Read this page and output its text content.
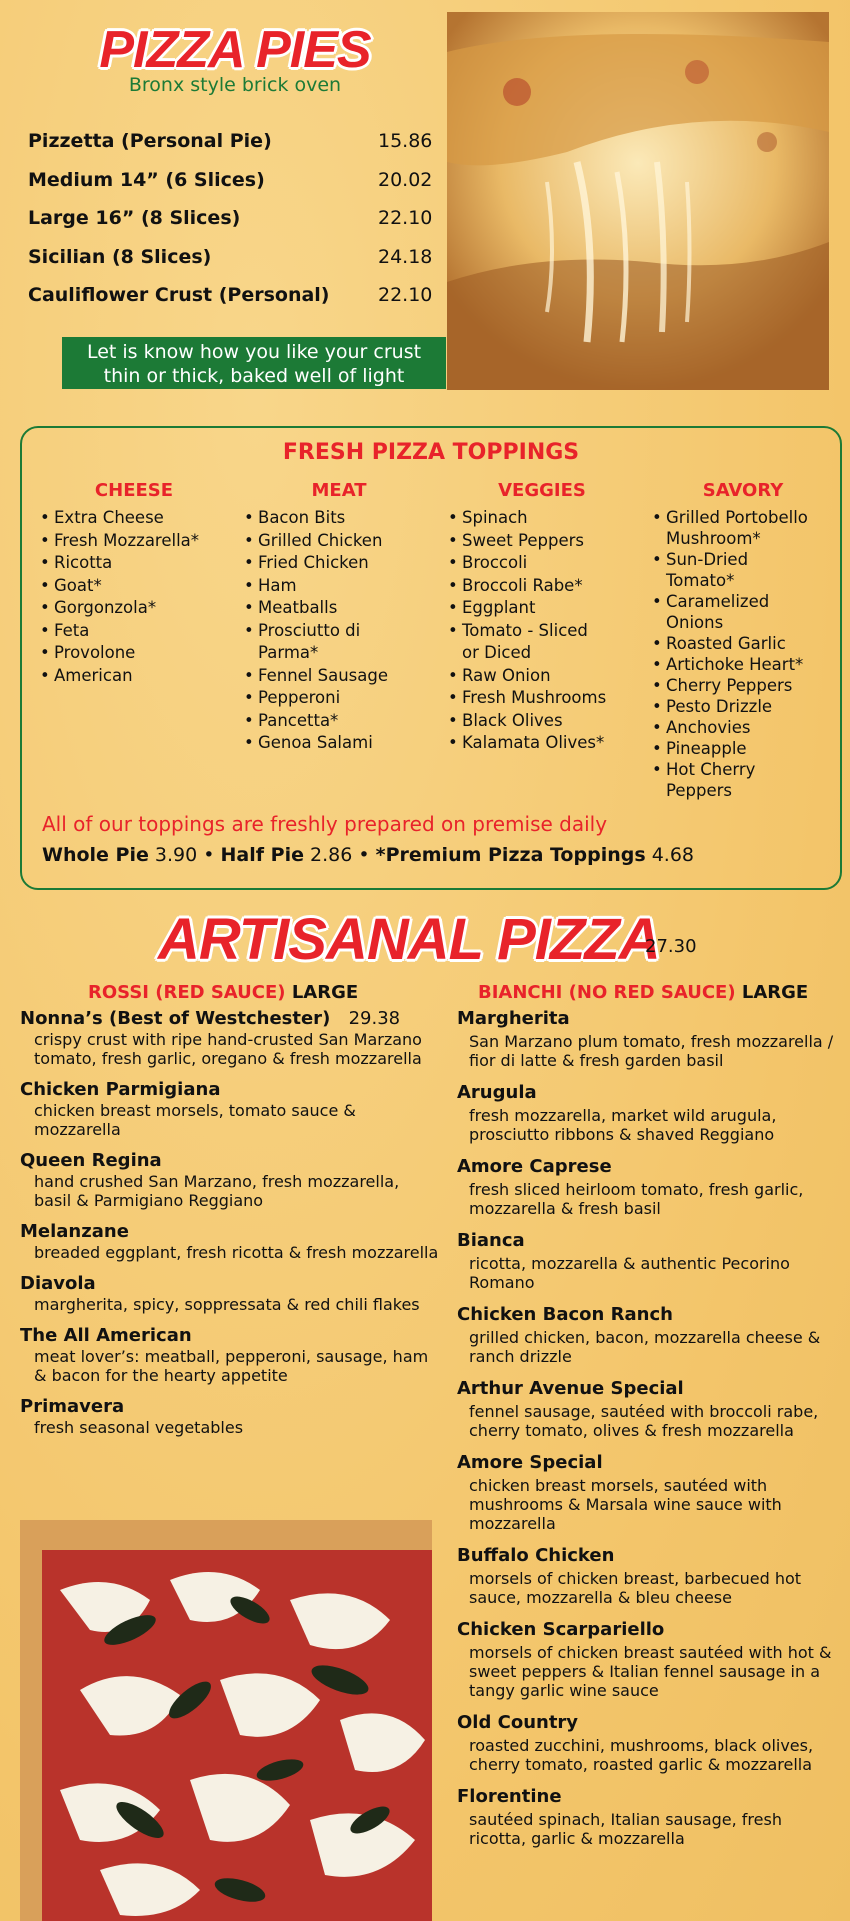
PIZZA PIES
Bronx style brick oven
Pizzetta (Personal Pie)	15.86
Medium 14” (6 Slices)	20.02
Large 16” (8 Slices)	22.10
Sicilian (8 Slices)	24.18
Cauliflower Crust (Personal)	22.10
Let is know how you like your crust
thin or thick, baked well of light
FRESH PIZZA TOPPINGS
CHEESE
• Extra Cheese
• Fresh Mozzarella*
• Ricotta
• Goat*
• Gorgonzola*
• Feta
• Provolone
• American
MEAT
• Bacon Bits
• Grilled Chicken
• Fried Chicken
• Ham
• Meatballs
• Prosciutto di Parma*
• Fennel Sausage
• Pepperoni
• Pancetta*
• Genoa Salami
VEGGIES
• Spinach
• Sweet Peppers
• Broccoli
• Broccoli Rabe*
• Eggplant
• Tomato - Sliced or Diced
• Raw Onion
• Fresh Mushrooms
• Black Olives
• Kalamata Olives*
SAVORY
• Grilled Portobello Mushroom*
• Sun-Dried Tomato*
• Caramelized Onions
• Roasted Garlic
• Artichoke Heart*
• Cherry Peppers
• Pesto Drizzle
• Anchovies
• Pineapple
• Hot Cherry Peppers
All of our toppings are freshly prepared on premise daily
Whole Pie 3.90 • Half Pie 2.86 • *Premium Pizza Toppings 4.68
ARTISANAL PIZZA
27.30
ROSSI (RED SAUCE) LARGE	BIANCHI (NO RED SAUCE) LARGE
Nonna’s (Best of Westchester) 29.38
crispy crust with ripe hand-crusted San Marzano tomato, fresh garlic, oregano & fresh mozzarella
Chicken Parmigiana
chicken breast morsels, tomato sauce & mozzarella
Queen Regina
hand crushed San Marzano, fresh mozzarella, basil & Parmigiano Reggiano
Melanzane
breaded eggplant, fresh ricotta & fresh mozzarella
Diavola
margherita, spicy, soppressata & red chili flakes
The All American
meat lover’s: meatball, pepperoni, sausage, ham & bacon for the hearty appetite
Primavera
fresh seasonal vegetables
Margherita
San Marzano plum tomato, fresh mozzarella / fior di latte & fresh garden basil
Arugula
fresh mozzarella, market wild arugula, prosciutto ribbons & shaved Reggiano
Amore Caprese
fresh sliced heirloom tomato, fresh garlic, mozzarella & fresh basil
Bianca
ricotta, mozzarella & authentic Pecorino Romano
Chicken Bacon Ranch
grilled chicken, bacon, mozzarella cheese & ranch drizzle
Arthur Avenue Special
fennel sausage, sautéed with broccoli rabe, cherry tomato, olives & fresh mozzarella
Amore Special
chicken breast morsels, sautéed with mushrooms & Marsala wine sauce with mozzarella
Buffalo Chicken
morsels of chicken breast, barbecued hot sauce, mozzarella & bleu cheese
Chicken Scarpariello
morsels of chicken breast sautéed with hot & sweet peppers & Italian fennel sausage in a tangy garlic wine sauce
Old Country
roasted zucchini, mushrooms, black olives, cherry tomato, roasted garlic & mozzarella
Florentine
sautéed spinach, Italian sausage, fresh ricotta, garlic & mozzarella
